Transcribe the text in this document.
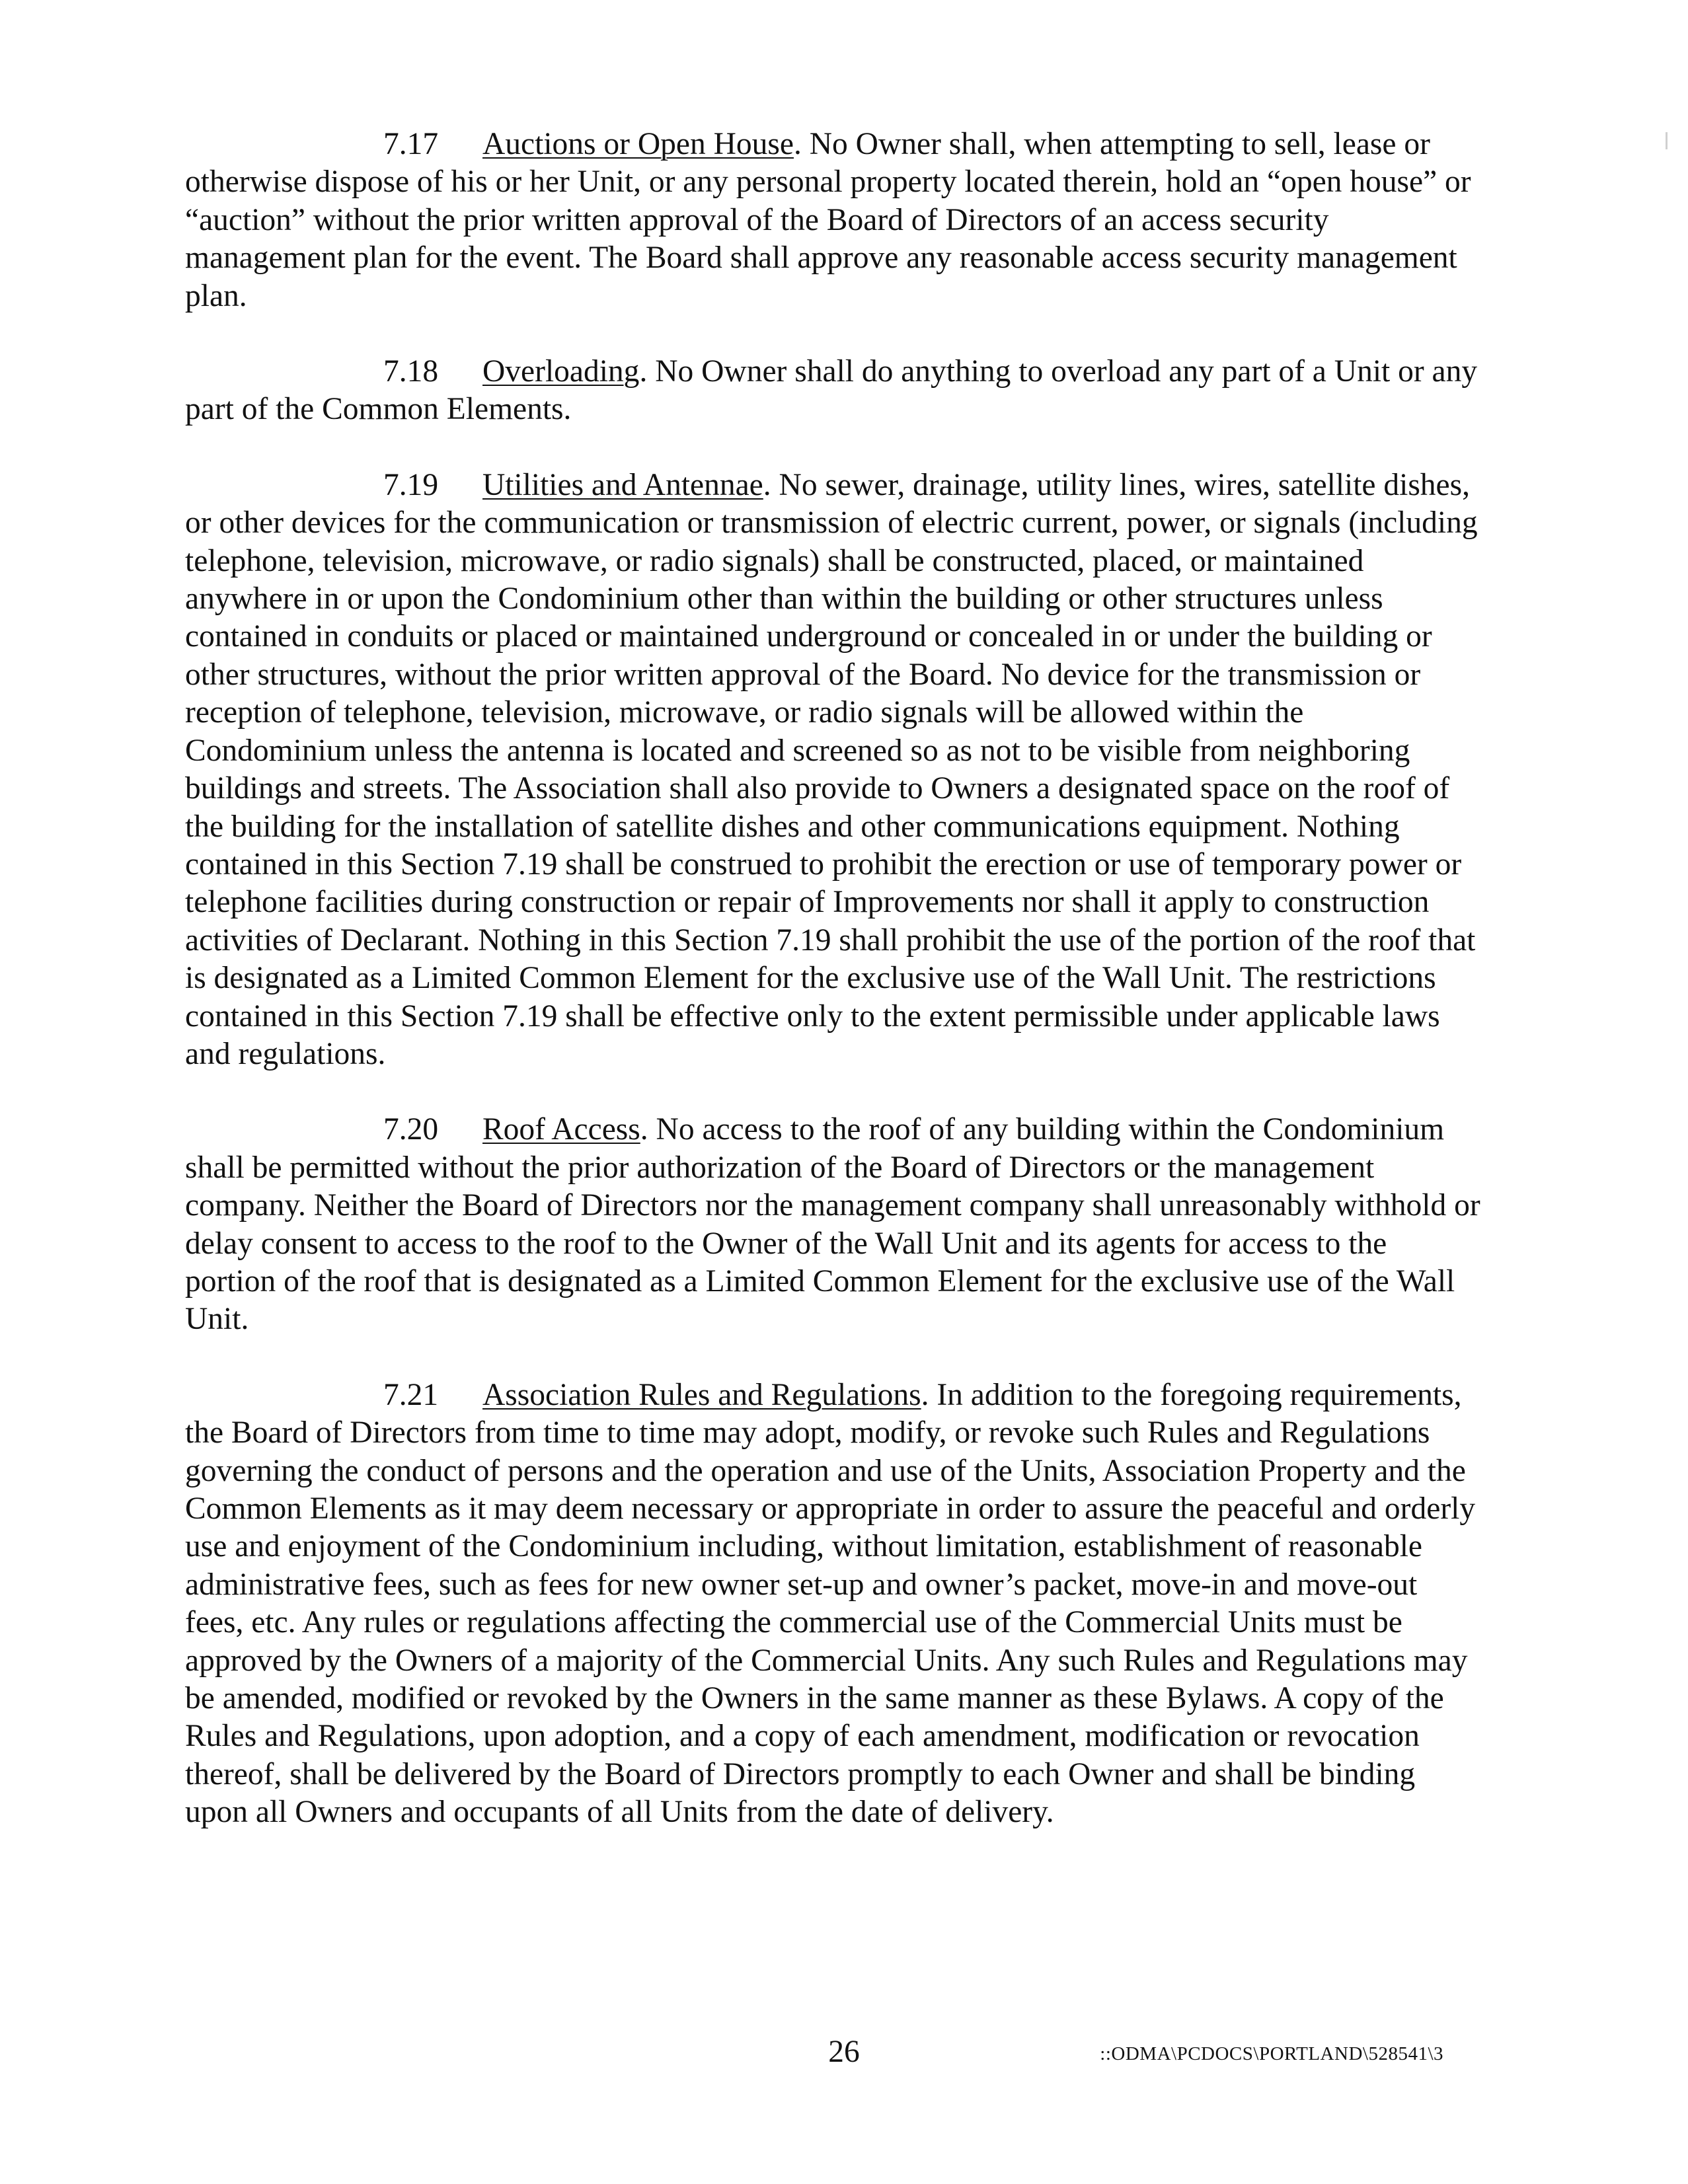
7.17 Auctions or Open House. No Owner shall, when attempting to sell, lease or otherwise dispose of his or her Unit, or any personal property located therein, hold an “open house” or “auction” without the prior written approval of the Board of Directors of an access security management plan for the event. The Board shall approve any reasonable access security management plan.

7.18 Overloading. No Owner shall do anything to overload any part of a Unit or any part of the Common Elements.

7.19 Utilities and Antennae. No sewer, drainage, utility lines, wires, satellite dishes, or other devices for the communication or transmission of electric current, power, or signals (including telephone, television, microwave, or radio signals) shall be constructed, placed, or maintained anywhere in or upon the Condominium other than within the building or other structures unless contained in conduits or placed or maintained underground or concealed in or under the building or other structures, without the prior written approval of the Board. No device for the transmission or reception of telephone, television, microwave, or radio signals will be allowed within the Condominium unless the antenna is located and screened so as not to be visible from neighboring buildings and streets. The Association shall also provide to Owners a designated space on the roof of the building for the installation of satellite dishes and other communications equipment. Nothing contained in this Section 7.19 shall be construed to prohibit the erection or use of temporary power or telephone facilities during construction or repair of Improvements nor shall it apply to construction activities of Declarant. Nothing in this Section 7.19 shall prohibit the use of the portion of the roof that is designated as a Limited Common Element for the exclusive use of the Wall Unit. The restrictions contained in this Section 7.19 shall be effective only to the extent permissible under applicable laws and regulations.

7.20 Roof Access. No access to the roof of any building within the Condominium shall be permitted without the prior authorization of the Board of Directors or the management company. Neither the Board of Directors nor the management company shall unreasonably withhold or delay consent to access to the roof to the Owner of the Wall Unit and its agents for access to the portion of the roof that is designated as a Limited Common Element for the exclusive use of the Wall Unit.

7.21 Association Rules and Regulations. In addition to the foregoing requirements, the Board of Directors from time to time may adopt, modify, or revoke such Rules and Regulations governing the conduct of persons and the operation and use of the Units, Association Property and the Common Elements as it may deem necessary or appropriate in order to assure the peaceful and orderly use and enjoyment of the Condominium including, without limitation, establishment of reasonable administrative fees, such as fees for new owner set-up and owner’s packet, move-in and move-out fees, etc. Any rules or regulations affecting the commercial use of the Commercial Units must be approved by the Owners of a majority of the Commercial Units. Any such Rules and Regulations may be amended, modified or revoked by the Owners in the same manner as these Bylaws. A copy of the Rules and Regulations, upon adoption, and a copy of each amendment, modification or revocation thereof, shall be delivered by the Board of Directors promptly to each Owner and shall be binding upon all Owners and occupants of all Units from the date of delivery.

26	::ODMA\PCDOCS\PORTLAND\528541\3
